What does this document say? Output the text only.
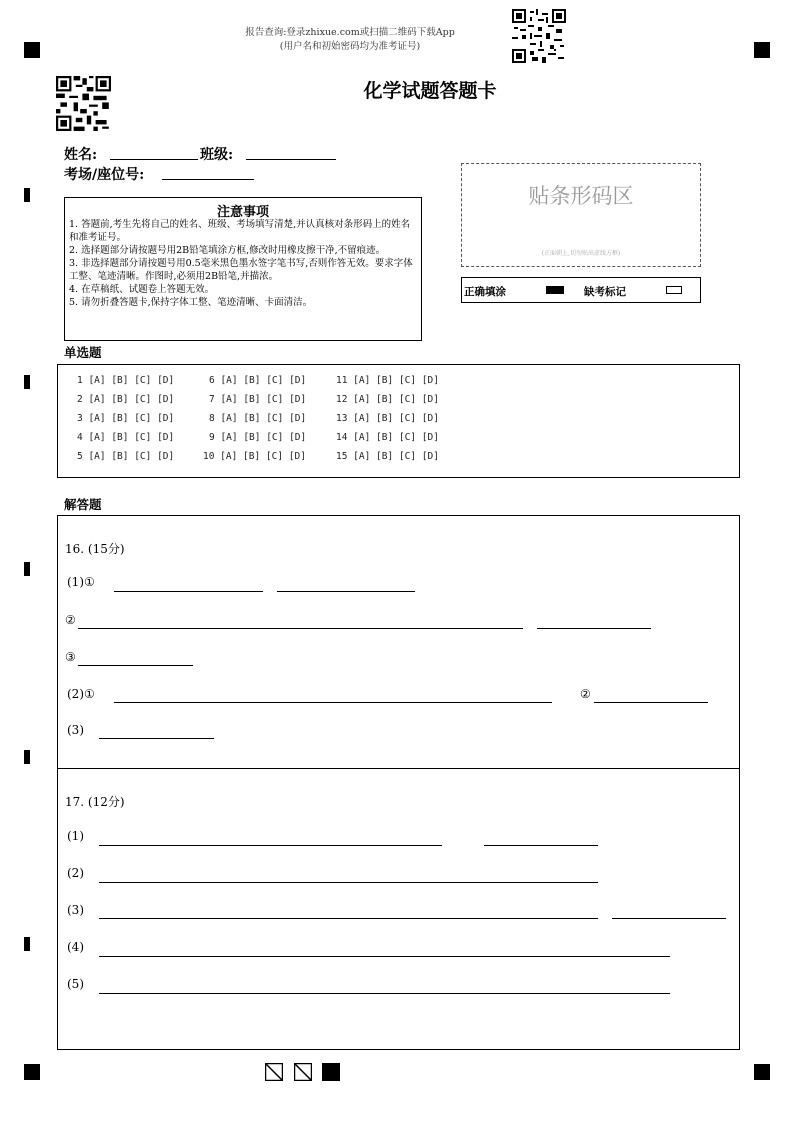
报告查询:登录zhixue.com或扫描二维码下载App
(用户名和初始密码均为准考证号)
化学试题答题卡
姓名:	班级:
考场/座位号:
贴条形码区
(正面朝上,切勿贴出虚线方框)
正确填涂	缺考标记
注意事项
1. 答题前,考生先将自己的姓名、班级、考场填写清楚,并认真核对条形码上的姓名和准考证号。
2. 选择题部分请按题号用2B铅笔填涂方框,修改时用橡皮擦干净,不留痕迹。
3. 非选择题部分请按题号用0.5毫米黑色墨水签字笔书写,否则作答无效。要求字体工整、笔迹清晰。作图时,必须用2B铅笔,并描浓。
4. 在草稿纸、试题卷上答题无效。
5. 请勿折叠答题卡,保持字体工整、笔迹清晰、卡面清洁。
单选题
1 [A] [B] [C] [D]
2 [A] [B] [C] [D]
3 [A] [B] [C] [D]
4 [A] [B] [C] [D]
5 [A] [B] [C] [D]
6 [A] [B] [C] [D]
7 [A] [B] [C] [D]
8 [A] [B] [C] [D]
9 [A] [B] [C] [D]
10 [A] [B] [C] [D]
11 [A] [B] [C] [D]
12 [A] [B] [C] [D]
13 [A] [B] [C] [D]
14 [A] [B] [C] [D]
15 [A] [B] [C] [D]
解答题
16. (15分)
(1)①
②
③
(2)①	②
(3)
17. (12分)
(1)
(2)
(3)
(4)
(5)
